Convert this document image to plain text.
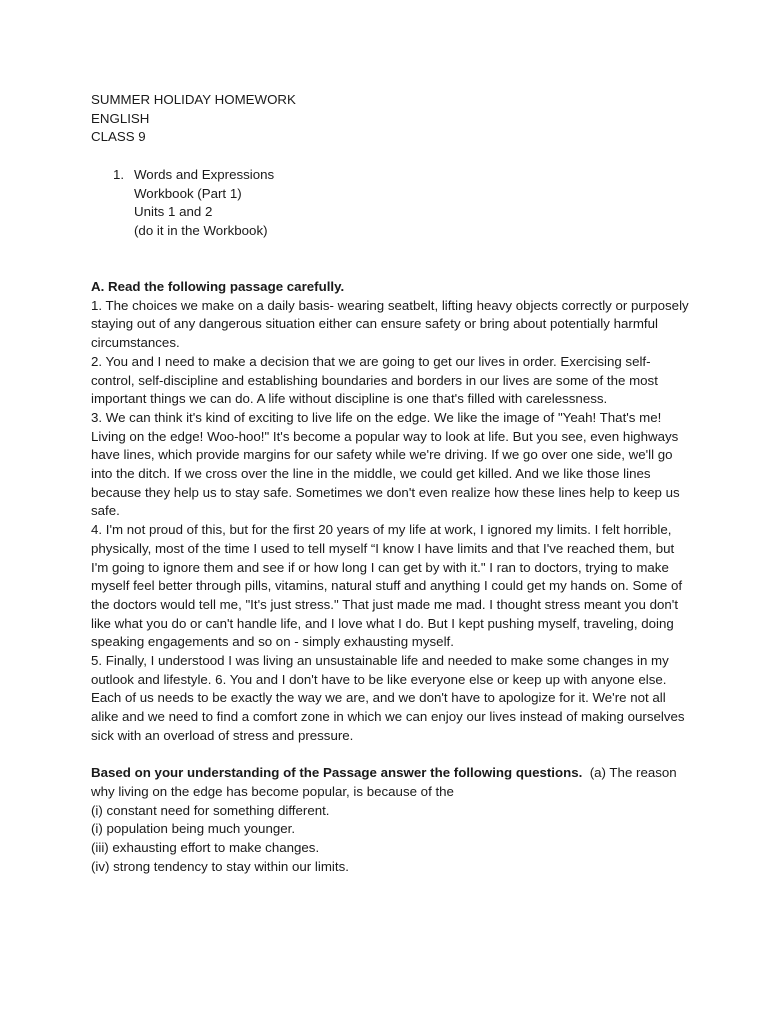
SUMMER HOLIDAY HOMEWORK
ENGLISH
CLASS 9
1. Words and Expressions
Workbook (Part 1)
Units 1 and 2
(do it in the Workbook)
A. Read the following passage carefully.

1. The choices we make on a daily basis- wearing seatbelt, lifting heavy objects correctly or purposely staying out of any dangerous situation either can ensure safety or bring about potentially harmful circumstances.

2. You and I need to make a decision that we are going to get our lives in order. Exercising self-control, self-discipline and establishing boundaries and borders in our lives are some of the most important things we can do. A life without discipline is one that's filled with carelessness.

3. We can think it's kind of exciting to live life on the edge. We like the image of "Yeah! That's me! Living on the edge! Woo-hoo!" It's become a popular way to look at life. But you see, even highways have lines, which provide margins for our safety while we're driving. If we go over one side, we'll go into the ditch. If we cross over the line in the middle, we could get killed. And we like those lines because they help us to stay safe. Sometimes we don't even realize how these lines help to keep us safe.

4. I'm not proud of this, but for the first 20 years of my life at work, I ignored my limits. I felt horrible, physically, most of the time I used to tell myself “I know I have limits and that I've reached them, but I'm going to ignore them and see if or how long I can get by with it." I ran to doctors, trying to make myself feel better through pills, vitamins, natural stuff and anything I could get my hands on. Some of the doctors would tell me, "It's just stress." That just made me mad. I thought stress meant you don't like what you do or can't handle life, and I love what I do. But I kept pushing myself, traveling, doing speaking engagements and so on - simply exhausting myself.

5. Finally, I understood I was living an unsustainable life and needed to make some changes in my outlook and lifestyle. 6. You and I don't have to be like everyone else or keep up with anyone else. Each of us needs to be exactly the way we are, and we don't have to apologize for it. We're not all alike and we need to find a comfort zone in which we can enjoy our lives instead of making ourselves sick with an overload of stress and pressure.

Based on your understanding of the Passage answer the following questions. (a) The reason why living on the edge has become popular, is because of the

(i) constant need for something different.
(i) population being much younger.
(iii) exhausting effort to make changes.
(iv) strong tendency to stay within our limits.
